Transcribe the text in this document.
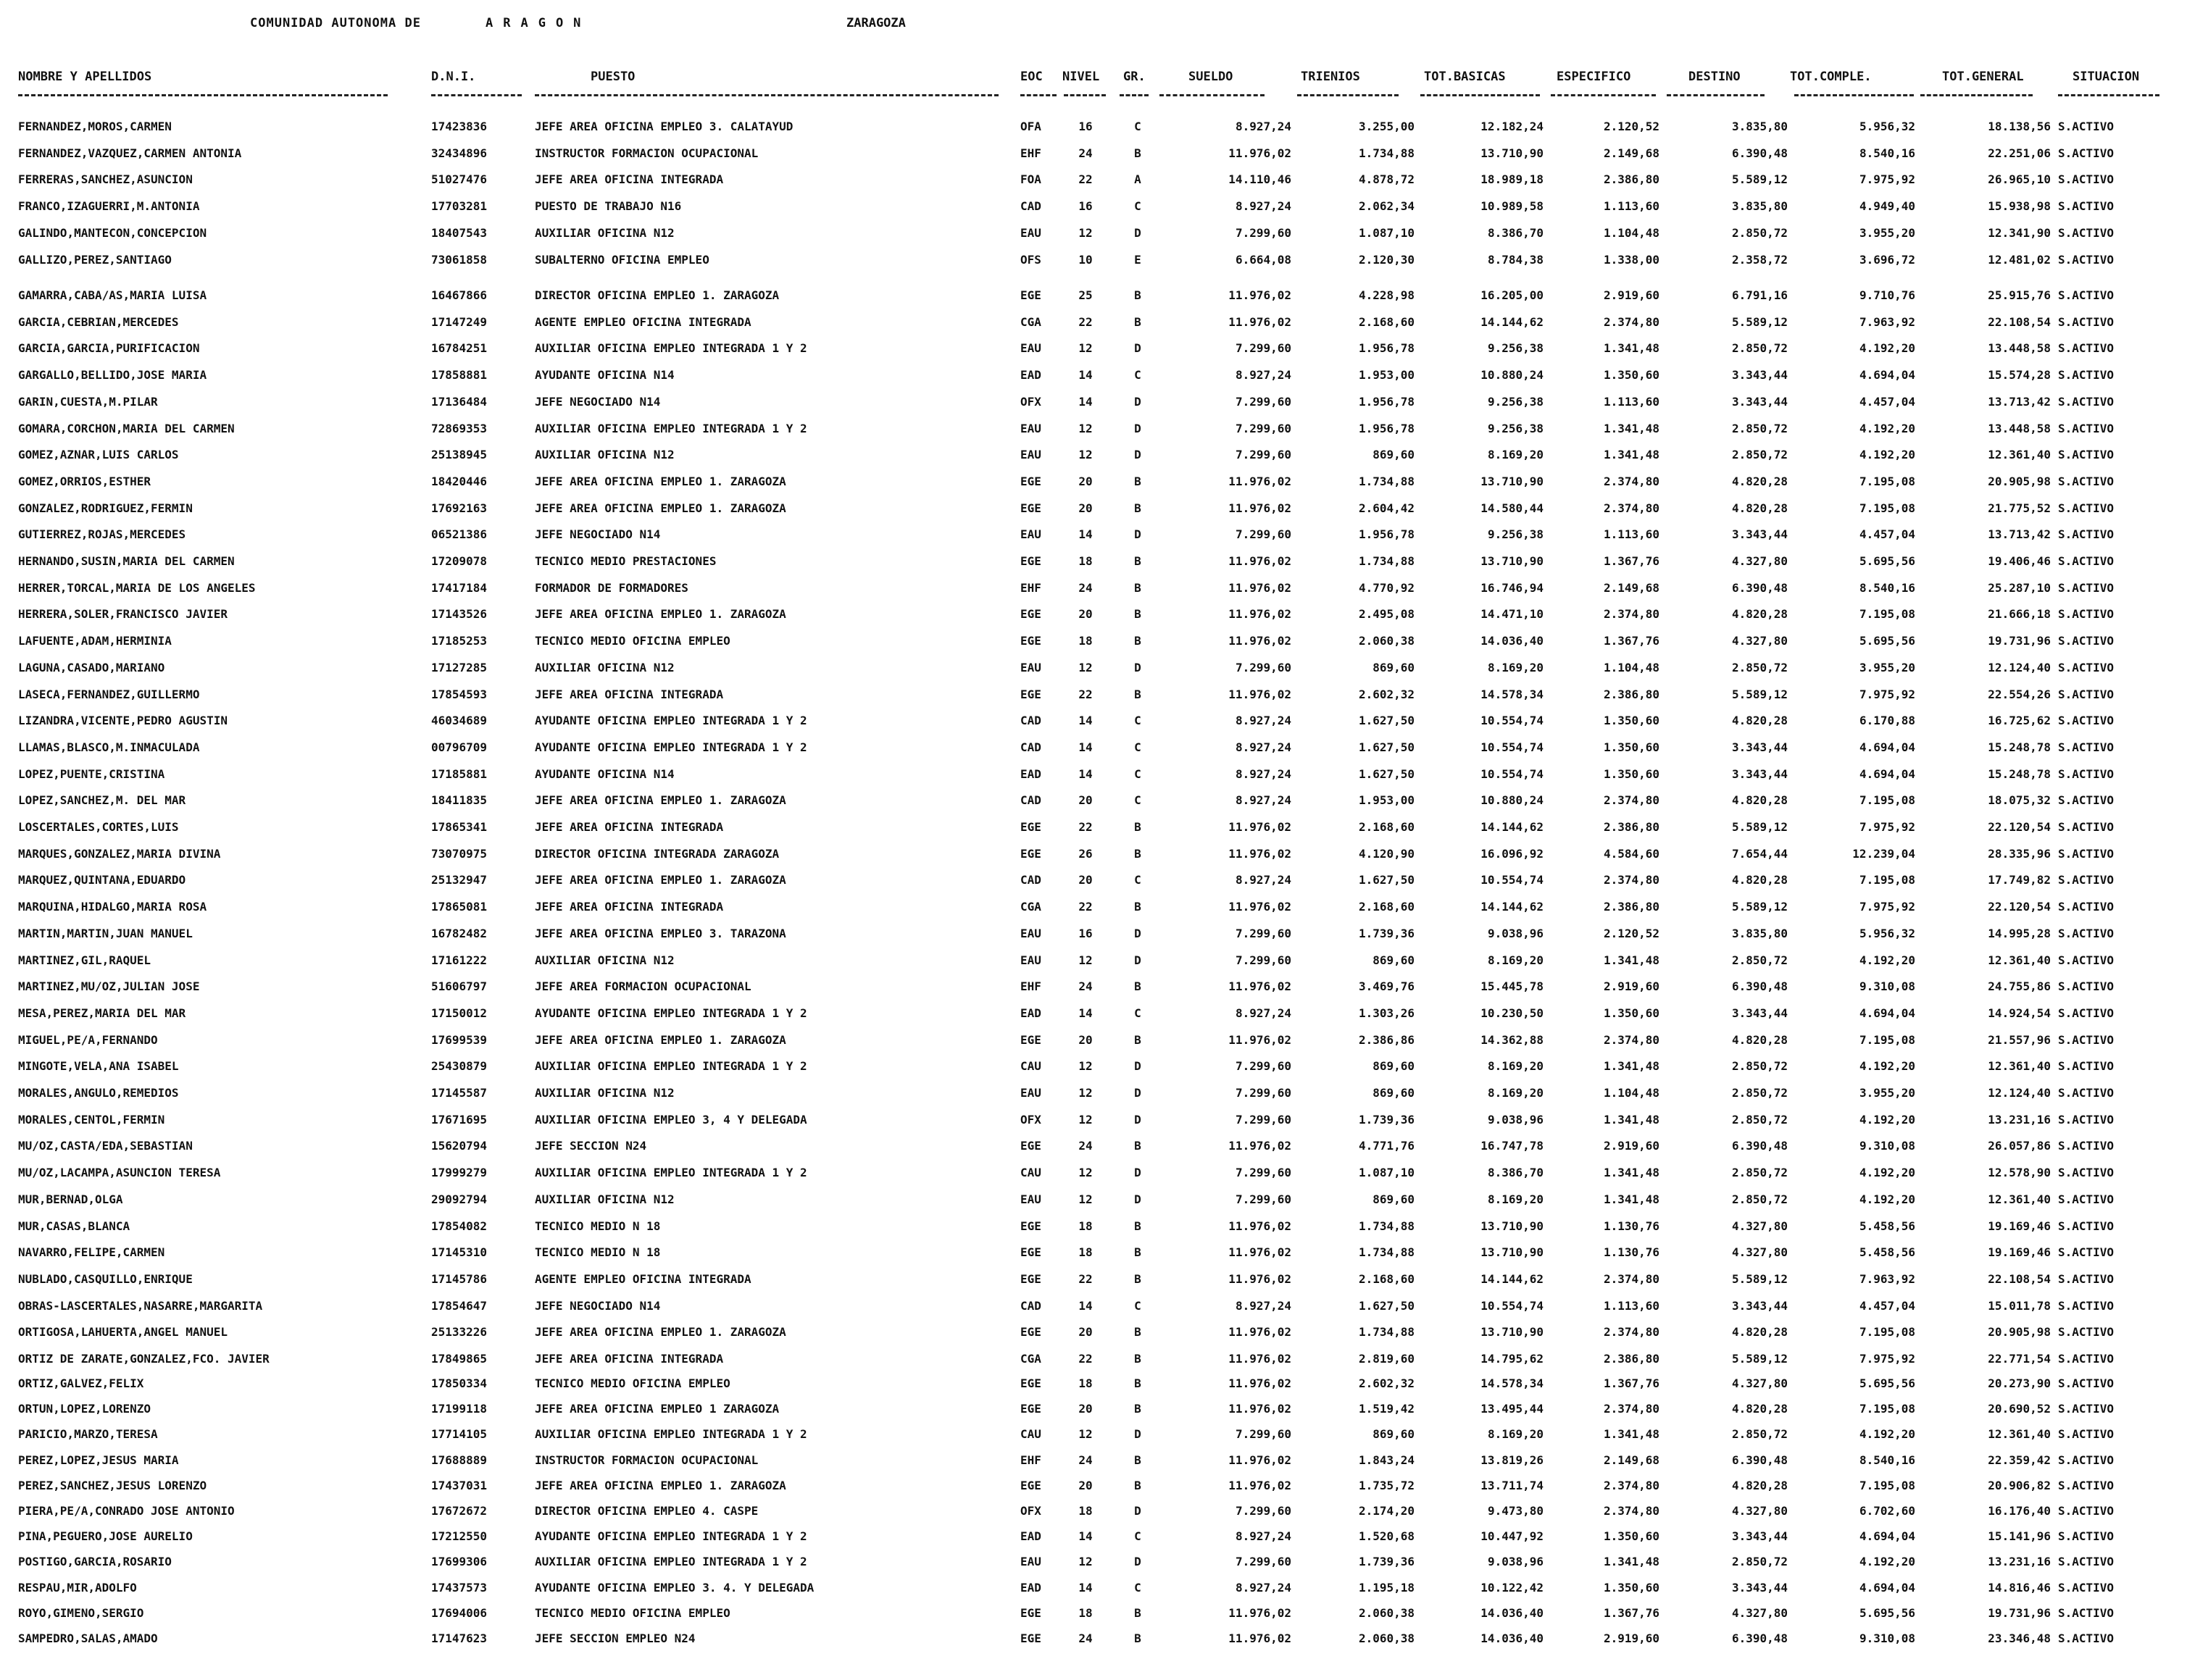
COMUNIDAD AUTONOMA DE	ARAGON	ZARAGOZA
NOMBRE Y APELLIDOS	D.N.I.	PUESTO	EOC NIVEL GR.	SUELDO	TRIENIOS	TOT.BASICAS	ESPECIFICO	DESTINO	TOT.COMPLE.	TOT.GENERAL	SITUACION
FERNANDEZ,MOROS,CARMEN	17423836	JEFE AREA OFICINA EMPLEO 3. CALATAYUD	OFA	16	C	8.927,24	3.255,00	12.182,24	2.120,52	3.835,80	5.956,32	18.138,56 S.ACTIVO
FERNANDEZ,VAZQUEZ,CARMEN ANTONIA	32434896	INSTRUCTOR FORMACION OCUPACIONAL	EHF	24	B	11.976,02	1.734,88	13.710,90	2.149,68	6.390,48	8.540,16	22.251,06 S.ACTIVO
FERRERAS,SANCHEZ,ASUNCION	51027476	JEFE AREA OFICINA INTEGRADA	FOA	22	A	14.110,46	4.878,72	18.989,18	2.386,80	5.589,12	7.975,92	26.965,10 S.ACTIVO
FRANCO,IZAGUERRI,M.ANTONIA	17703281	PUESTO DE TRABAJO N16	CAD	16	C	8.927,24	2.062,34	10.989,58	1.113,60	3.835,80	4.949,40	15.938,98 S.ACTIVO
GALINDO,MANTECON,CONCEPCION	18407543	AUXILIAR OFICINA N12	EAU	12	D	7.299,60	1.087,10	8.386,70	1.104,48	2.850,72	3.955,20	12.341,90 S.ACTIVO
GALLIZO,PEREZ,SANTIAGO	73061858	SUBALTERNO OFICINA EMPLEO	OFS	10	E	6.664,08	2.120,30	8.784,38	1.338,00	2.358,72	3.696,72	12.481,02 S.ACTIVO
GAMARRA,CABA/AS,MARIA LUISA	16467866	DIRECTOR OFICINA EMPLEO 1. ZARAGOZA	EGE	25	B	11.976,02	4.228,98	16.205,00	2.919,60	6.791,16	9.710,76	25.915,76 S.ACTIVO
GARCIA,CEBRIAN,MERCEDES	17147249	AGENTE EMPLEO OFICINA INTEGRADA	CGA	22	B	11.976,02	2.168,60	14.144,62	2.374,80	5.589,12	7.963,92	22.108,54 S.ACTIVO
GARCIA,GARCIA,PURIFICACION	16784251	AUXILIAR OFICINA EMPLEO INTEGRADA 1 Y 2	EAU	12	D	7.299,60	1.956,78	9.256,38	1.341,48	2.850,72	4.192,20	13.448,58 S.ACTIVO
GARGALLO,BELLIDO,JOSE MARIA	17858881	AYUDANTE OFICINA N14	EAD	14	C	8.927,24	1.953,00	10.880,24	1.350,60	3.343,44	4.694,04	15.574,28 S.ACTIVO
GARIN,CUESTA,M.PILAR	17136484	JEFE NEGOCIADO N14	OFX	14	D	7.299,60	1.956,78	9.256,38	1.113,60	3.343,44	4.457,04	13.713,42 S.ACTIVO
GOMARA,CORCHON,MARIA DEL CARMEN	72869353	AUXILIAR OFICINA EMPLEO INTEGRADA 1 Y 2	EAU	12	D	7.299,60	1.956,78	9.256,38	1.341,48	2.850,72	4.192,20	13.448,58 S.ACTIVO
GOMEZ,AZNAR,LUIS CARLOS	25138945	AUXILIAR OFICINA N12	EAU	12	D	7.299,60	869,60	8.169,20	1.341,48	2.850,72	4.192,20	12.361,40 S.ACTIVO
GOMEZ,ORRIOS,ESTHER	18420446	JEFE AREA OFICINA EMPLEO 1. ZARAGOZA	EGE	20	B	11.976,02	1.734,88	13.710,90	2.374,80	4.820,28	7.195,08	20.905,98 S.ACTIVO
GONZALEZ,RODRIGUEZ,FERMIN	17692163	JEFE AREA OFICINA EMPLEO 1. ZARAGOZA	EGE	20	B	11.976,02	2.604,42	14.580,44	2.374,80	4.820,28	7.195,08	21.775,52 S.ACTIVO
GUTIERREZ,ROJAS,MERCEDES	06521386	JEFE NEGOCIADO N14	EAU	14	D	7.299,60	1.956,78	9.256,38	1.113,60	3.343,44	4.457,04	13.713,42 S.ACTIVO
HERNANDO,SUSIN,MARIA DEL CARMEN	17209078	TECNICO MEDIO PRESTACIONES	EGE	18	B	11.976,02	1.734,88	13.710,90	1.367,76	4.327,80	5.695,56	19.406,46 S.ACTIVO
HERRER,TORCAL,MARIA DE LOS ANGELES	17417184	FORMADOR DE FORMADORES	EHF	24	B	11.976,02	4.770,92	16.746,94	2.149,68	6.390,48	8.540,16	25.287,10 S.ACTIVO
HERRERA,SOLER,FRANCISCO JAVIER	17143526	JEFE AREA OFICINA EMPLEO 1. ZARAGOZA	EGE	20	B	11.976,02	2.495,08	14.471,10	2.374,80	4.820,28	7.195,08	21.666,18 S.ACTIVO
LAFUENTE,ADAM,HERMINIA	17185253	TECNICO MEDIO OFICINA EMPLEO	EGE	18	B	11.976,02	2.060,38	14.036,40	1.367,76	4.327,80	5.695,56	19.731,96 S.ACTIVO
LAGUNA,CASADO,MARIANO	17127285	AUXILIAR OFICINA N12	EAU	12	D	7.299,60	869,60	8.169,20	1.104,48	2.850,72	3.955,20	12.124,40 S.ACTIVO
LASECA,FERNANDEZ,GUILLERMO	17854593	JEFE AREA OFICINA INTEGRADA	EGE	22	B	11.976,02	2.602,32	14.578,34	2.386,80	5.589,12	7.975,92	22.554,26 S.ACTIVO
LIZANDRA,VICENTE,PEDRO AGUSTIN	46034689	AYUDANTE OFICINA EMPLEO INTEGRADA 1 Y 2	CAD	14	C	8.927,24	1.627,50	10.554,74	1.350,60	4.820,28	6.170,88	16.725,62 S.ACTIVO
LLAMAS,BLASCO,M.INMACULADA	00796709	AYUDANTE OFICINA EMPLEO INTEGRADA 1 Y 2	CAD	14	C	8.927,24	1.627,50	10.554,74	1.350,60	3.343,44	4.694,04	15.248,78 S.ACTIVO
LOPEZ,PUENTE,CRISTINA	17185881	AYUDANTE OFICINA N14	EAD	14	C	8.927,24	1.627,50	10.554,74	1.350,60	3.343,44	4.694,04	15.248,78 S.ACTIVO
LOPEZ,SANCHEZ,M. DEL MAR	18411835	JEFE AREA OFICINA EMPLEO 1. ZARAGOZA	CAD	20	C	8.927,24	1.953,00	10.880,24	2.374,80	4.820,28	7.195,08	18.075,32 S.ACTIVO
LOSCERTALES,CORTES,LUIS	17865341	JEFE AREA OFICINA INTEGRADA	EGE	22	B	11.976,02	2.168,60	14.144,62	2.386,80	5.589,12	7.975,92	22.120,54 S.ACTIVO
MARQUES,GONZALEZ,MARIA DIVINA	73070975	DIRECTOR OFICINA INTEGRADA ZARAGOZA	EGE	26	B	11.976,02	4.120,90	16.096,92	4.584,60	7.654,44	12.239,04	28.335,96 S.ACTIVO
MARQUEZ,QUINTANA,EDUARDO	25132947	JEFE AREA OFICINA EMPLEO 1. ZARAGOZA	CAD	20	C	8.927,24	1.627,50	10.554,74	2.374,80	4.820,28	7.195,08	17.749,82 S.ACTIVO
MARQUINA,HIDALGO,MARIA ROSA	17865081	JEFE AREA OFICINA INTEGRADA	CGA	22	B	11.976,02	2.168,60	14.144,62	2.386,80	5.589,12	7.975,92	22.120,54 S.ACTIVO
MARTIN,MARTIN,JUAN MANUEL	16782482	JEFE AREA OFICINA EMPLEO 3. TARAZONA	EAU	16	D	7.299,60	1.739,36	9.038,96	2.120,52	3.835,80	5.956,32	14.995,28 S.ACTIVO
MARTINEZ,GIL,RAQUEL	17161222	AUXILIAR OFICINA N12	EAU	12	D	7.299,60	869,60	8.169,20	1.341,48	2.850,72	4.192,20	12.361,40 S.ACTIVO
MARTINEZ,MU/OZ,JULIAN JOSE	51606797	JEFE AREA FORMACION OCUPACIONAL	EHF	24	B	11.976,02	3.469,76	15.445,78	2.919,60	6.390,48	9.310,08	24.755,86 S.ACTIVO
MESA,PEREZ,MARIA DEL MAR	17150012	AYUDANTE OFICINA EMPLEO INTEGRADA 1 Y 2	EAD	14	C	8.927,24	1.303,26	10.230,50	1.350,60	3.343,44	4.694,04	14.924,54 S.ACTIVO
MIGUEL,PE/A,FERNANDO	17699539	JEFE AREA OFICINA EMPLEO 1. ZARAGOZA	EGE	20	B	11.976,02	2.386,86	14.362,88	2.374,80	4.820,28	7.195,08	21.557,96 S.ACTIVO
MINGOTE,VELA,ANA ISABEL	25430879	AUXILIAR OFICINA EMPLEO INTEGRADA 1 Y 2	CAU	12	D	7.299,60	869,60	8.169,20	1.341,48	2.850,72	4.192,20	12.361,40 S.ACTIVO
MORALES,ANGULO,REMEDIOS	17145587	AUXILIAR OFICINA N12	EAU	12	D	7.299,60	869,60	8.169,20	1.104,48	2.850,72	3.955,20	12.124,40 S.ACTIVO
MORALES,CENTOL,FERMIN	17671695	AUXILIAR OFICINA EMPLEO 3, 4 Y DELEGADA	OFX	12	D	7.299,60	1.739,36	9.038,96	1.341,48	2.850,72	4.192,20	13.231,16 S.ACTIVO
MU/OZ,CASTA/EDA,SEBASTIAN	15620794	JEFE SECCION N24	EGE	24	B	11.976,02	4.771,76	16.747,78	2.919,60	6.390,48	9.310,08	26.057,86 S.ACTIVO
MU/OZ,LACAMPA,ASUNCION TERESA	17999279	AUXILIAR OFICINA EMPLEO INTEGRADA 1 Y 2	CAU	12	D	7.299,60	1.087,10	8.386,70	1.341,48	2.850,72	4.192,20	12.578,90 S.ACTIVO
MUR,BERNAD,OLGA	29092794	AUXILIAR OFICINA N12	EAU	12	D	7.299,60	869,60	8.169,20	1.341,48	2.850,72	4.192,20	12.361,40 S.ACTIVO
MUR,CASAS,BLANCA	17854082	TECNICO MEDIO N 18	EGE	18	B	11.976,02	1.734,88	13.710,90	1.130,76	4.327,80	5.458,56	19.169,46 S.ACTIVO
NAVARRO,FELIPE,CARMEN	17145310	TECNICO MEDIO N 18	EGE	18	B	11.976,02	1.734,88	13.710,90	1.130,76	4.327,80	5.458,56	19.169,46 S.ACTIVO
NUBLADO,CASQUILLO,ENRIQUE	17145786	AGENTE EMPLEO OFICINA INTEGRADA	EGE	22	B	11.976,02	2.168,60	14.144,62	2.374,80	5.589,12	7.963,92	22.108,54 S.ACTIVO
OBRAS-LASCERTALES,NASARRE,MARGARITA	17854647	JEFE NEGOCIADO N14	CAD	14	C	8.927,24	1.627,50	10.554,74	1.113,60	3.343,44	4.457,04	15.011,78 S.ACTIVO
ORTIGOSA,LAHUERTA,ANGEL MANUEL	25133226	JEFE AREA OFICINA EMPLEO 1. ZARAGOZA	EGE	20	B	11.976,02	1.734,88	13.710,90	2.374,80	4.820,28	7.195,08	20.905,98 S.ACTIVO
ORTIZ DE ZARATE,GONZALEZ,FCO. JAVIER	17849865	JEFE AREA OFICINA INTEGRADA	CGA	22	B	11.976,02	2.819,60	14.795,62	2.386,80	5.589,12	7.975,92	22.771,54 S.ACTIVO
ORTIZ,GALVEZ,FELIX	17850334	TECNICO MEDIO OFICINA EMPLEO	EGE	18	B	11.976,02	2.602,32	14.578,34	1.367,76	4.327,80	5.695,56	20.273,90 S.ACTIVO
ORTUN,LOPEZ,LORENZO	17199118	JEFE AREA OFICINA EMPLEO 1 ZARAGOZA	EGE	20	B	11.976,02	1.519,42	13.495,44	2.374,80	4.820,28	7.195,08	20.690,52 S.ACTIVO
PARICIO,MARZO,TERESA	17714105	AUXILIAR OFICINA EMPLEO INTEGRADA 1 Y 2	CAU	12	D	7.299,60	869,60	8.169,20	1.341,48	2.850,72	4.192,20	12.361,40 S.ACTIVO
PEREZ,LOPEZ,JESUS MARIA	17688889	INSTRUCTOR FORMACION OCUPACIONAL	EHF	24	B	11.976,02	1.843,24	13.819,26	2.149,68	6.390,48	8.540,16	22.359,42 S.ACTIVO
PEREZ,SANCHEZ,JESUS LORENZO	17437031	JEFE AREA OFICINA EMPLEO 1. ZARAGOZA	EGE	20	B	11.976,02	1.735,72	13.711,74	2.374,80	4.820,28	7.195,08	20.906,82 S.ACTIVO
PIERA,PE/A,CONRADO JOSE ANTONIO	17672672	DIRECTOR OFICINA EMPLEO 4. CASPE	OFX	18	D	7.299,60	2.174,20	9.473,80	2.374,80	4.327,80	6.702,60	16.176,40 S.ACTIVO
PINA,PEGUERO,JOSE AURELIO	17212550	AYUDANTE OFICINA EMPLEO INTEGRADA 1 Y 2	EAD	14	C	8.927,24	1.520,68	10.447,92	1.350,60	3.343,44	4.694,04	15.141,96 S.ACTIVO
POSTIGO,GARCIA,ROSARIO	17699306	AUXILIAR OFICINA EMPLEO INTEGRADA 1 Y 2	EAU	12	D	7.299,60	1.739,36	9.038,96	1.341,48	2.850,72	4.192,20	13.231,16 S.ACTIVO
RESPAU,MIR,ADOLFO	17437573	AYUDANTE OFICINA EMPLEO 3. 4. Y DELEGADA	EAD	14	C	8.927,24	1.195,18	10.122,42	1.350,60	3.343,44	4.694,04	14.816,46 S.ACTIVO
ROYO,GIMENO,SERGIO	17694006	TECNICO MEDIO OFICINA EMPLEO	EGE	18	B	11.976,02	2.060,38	14.036,40	1.367,76	4.327,80	5.695,56	19.731,96 S.ACTIVO
SAMPEDRO,SALAS,AMADO	17147623	JEFE SECCION EMPLEO N24	EGE	24	B	11.976,02	2.060,38	14.036,40	2.919,60	6.390,48	9.310,08	23.346,48 S.ACTIVO
